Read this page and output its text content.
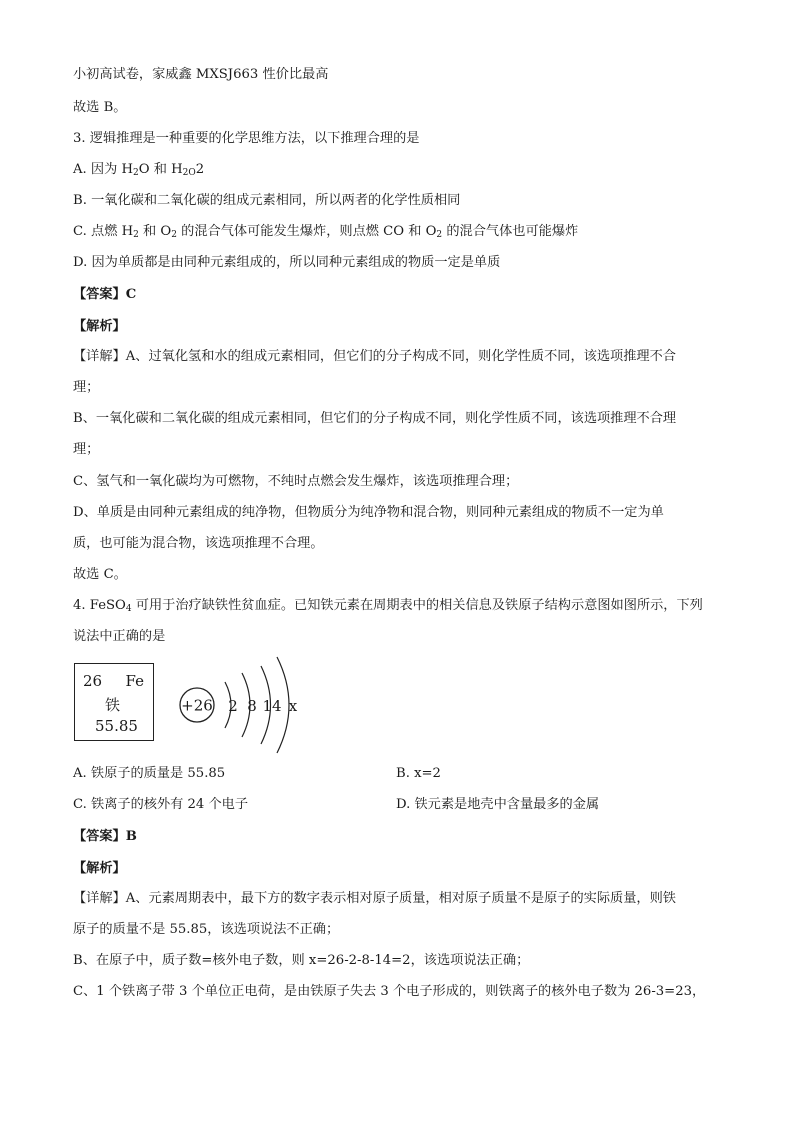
小初高试卷，家威鑫 MXSJ663 性价比最高
故选 B。
3. 逻辑推理是一种重要的化学思维方法，以下推理合理的是
A. 因为 $H_2O$ 和 $H_{2O}2$
B. 一氧化碳和二氧化碳的组成元素相同，所以两者的化学性质相同
C. 点燃 $H_2$ 和 $O_2$ 的混合气体可能发生爆炸，则点燃 CO 和 $O_2$ 的混合气体也可能爆炸
D. 因为单质都是由同种元素组成的，所以同种元素组成的物质一定是单质
【答案】C
【解析】
【详解】A、过氧化氢和水的组成元素相同，但它们的分子构成不同，则化学性质不同，该选项推理不合
理；
B、一氧化碳和二氧化碳的组成元素相同，但它们的分子构成不同，则化学性质不同，该选项推理不合理
理；
C、氢气和一氧化碳均为可燃物，不纯时点燃会发生爆炸，该选项推理合理；
D、单质是由同种元素组成的纯净物，但物质分为纯净物和混合物，则同种元素组成的物质不一定为单
质，也可能为混合物，该选项推理不合理。
故选 C。
4. FeSO$_4$ 可用于治疗缺铁性贫血症。已知铁元素在周期表中的相关信息及铁原子结构示意图如图所示，下列
说法中正确的是
26 Fe
铁
55.85
+26 2 8 14 x
A. 铁原子的质量是 55.85	B. x=2
C. 铁离子的核外有 24 个电子	D. 铁元素是地壳中含量最多的金属
【答案】B
【解析】
【详解】A、元素周期表中，最下方的数字表示相对原子质量，相对原子质量不是原子的实际质量，则铁
原子的质量不是 55.85，该选项说法不正确；
B、在原子中，质子数=核外电子数，则 x=26-2-8-14=2，该选项说法正确；
C、1 个铁离子带 3 个单位正电荷，是由铁原子失去 3 个电子形成的，则铁离子的核外电子数为 26-3=23，
